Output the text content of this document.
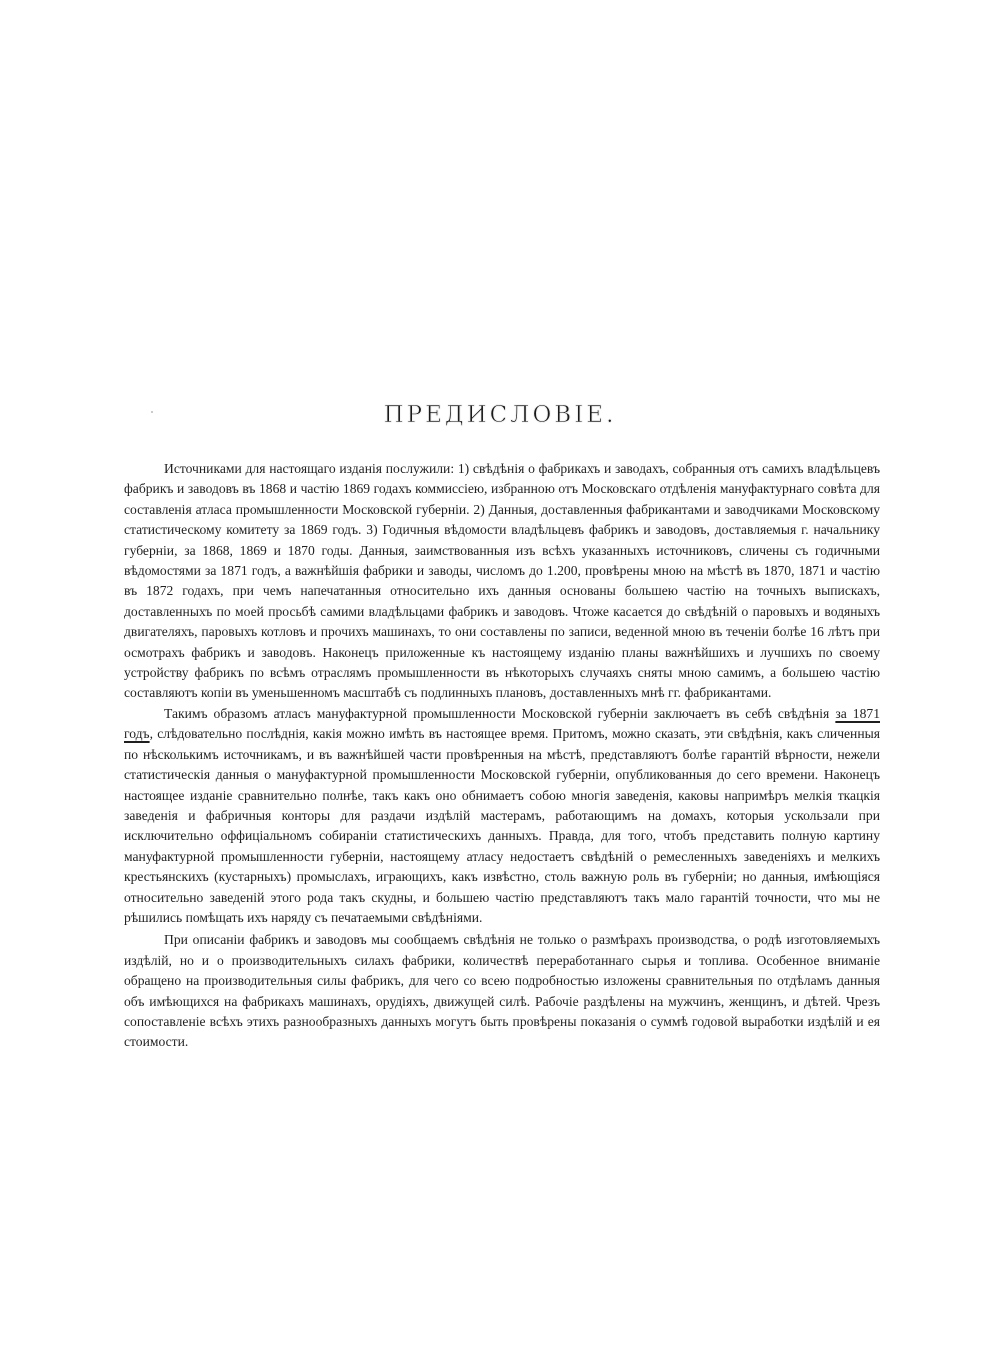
ПРЕДИСЛОВІЕ.

Источниками для настоящаго изданія послужили: 1) свѣдѣнія о фабрикахъ и заводахъ, собранныя отъ самихъ владѣльцевъ фабрикъ и заводовъ въ 1868 и частію 1869 годахъ коммиссіею, избранною отъ Московскаго отдѣленія мануфактурнаго совѣта для составленія атласа промышленности Московской губерніи. 2) Данныя, доставленныя фабрикантами и заводчиками Московскому статистическому комитету за 1869 годъ. 3) Годичныя вѣдомости владѣльцевъ фабрикъ и заводовъ, доставляемыя г. начальнику губерніи, за 1868, 1869 и 1870 годы. Данныя, заимствованныя изъ всѣхъ указанныхъ источниковъ, сличены съ годичными вѣдомостями за 1871 годъ, а важнѣйшія фабрики и заводы, числомъ до 1.200, провѣрены мною на мѣстѣ въ 1870, 1871 и частію въ 1872 годахъ, при чемъ напечатанныя относительно ихъ данныя основаны большею частію на точныхъ выпискахъ, доставленныхъ по моей просьбѣ самими владѣльцами фабрикъ и заводовъ. Чтоже касается до свѣдѣній о паровыхъ и водяныхъ двигателяхъ, паровыхъ котловъ и прочихъ машинахъ, то они составлены по записи, веденной мною въ теченіи болѣе 16 лѣтъ при осмотрахъ фабрикъ и заводовъ. Наконецъ приложенные къ настоящему изданію планы важнѣйшихъ и лучшихъ по своему устройству фабрикъ по всѣмъ отраслямъ промышленности въ нѣкоторыхъ случаяхъ сняты мною самимъ, а большею частію составляютъ копіи въ уменьшенномъ масштабѣ съ подлинныхъ плановъ, доставленныхъ мнѣ гг. фабрикантами.

Такимъ образомъ атласъ мануфактурной промышленности Московской губерніи заключаетъ въ себѣ свѣдѣнія за 1871 годъ, слѣдовательно послѣднія, какія можно имѣть въ настоящее время. Притомъ, можно сказать, эти свѣдѣнія, какъ сличенныя по нѣсколькимъ источникамъ, и въ важнѣйшей части провѣренныя на мѣстѣ, представляютъ болѣе гарантій вѣрности, нежели статистическія данныя о мануфактурной промышленности Московской губерніи, опубликованныя до сего времени. Наконецъ настоящее изданіе сравнительно полнѣе, такъ какъ оно обнимаетъ собою многія заведенія, каковы напримѣръ мелкія ткацкія заведенія и фабричныя конторы для раздачи издѣлій мастерамъ, работающимъ на домахъ, которыя ускользали при исключительно оффиціальномъ собираніи статистическихъ данныхъ. Правда, для того, чтобъ представить полную картину мануфактурной промышленности губерніи, настоящему атласу недостаетъ свѣдѣній о ремесленныхъ заведеніяхъ и мелкихъ крестьянскихъ (кустарныхъ) промыслахъ, играющихъ, какъ извѣстно, столь важную роль въ губерніи; но данныя, имѣющіяся относительно заведеній этого рода такъ скудны, и большею частію представляютъ такъ мало гарантій точности, что мы не рѣшились помѣщать ихъ наряду съ печатаемыми свѣдѣніями.

При описаніи фабрикъ и заводовъ мы сообщаемъ свѣдѣнія не только о размѣрахъ производства, о родѣ изготовляемыхъ издѣлій, но и о производительныхъ силахъ фабрики, количествѣ переработаннаго сырья и топлива. Особенное вниманіе обращено на производительныя силы фабрикъ, для чего со всею подробностью изложены сравнительныя по отдѣламъ данныя объ имѣющихся на фабрикахъ машинахъ, орудіяхъ, движущей силѣ. Рабочіе раздѣлены на мужчинъ, женщинъ, и дѣтей. Чрезъ сопоставленіе всѣхъ этихъ разнообразныхъ данныхъ могутъ быть провѣрены показанія о суммѣ годовой выработки издѣлій и ея стоимости.
